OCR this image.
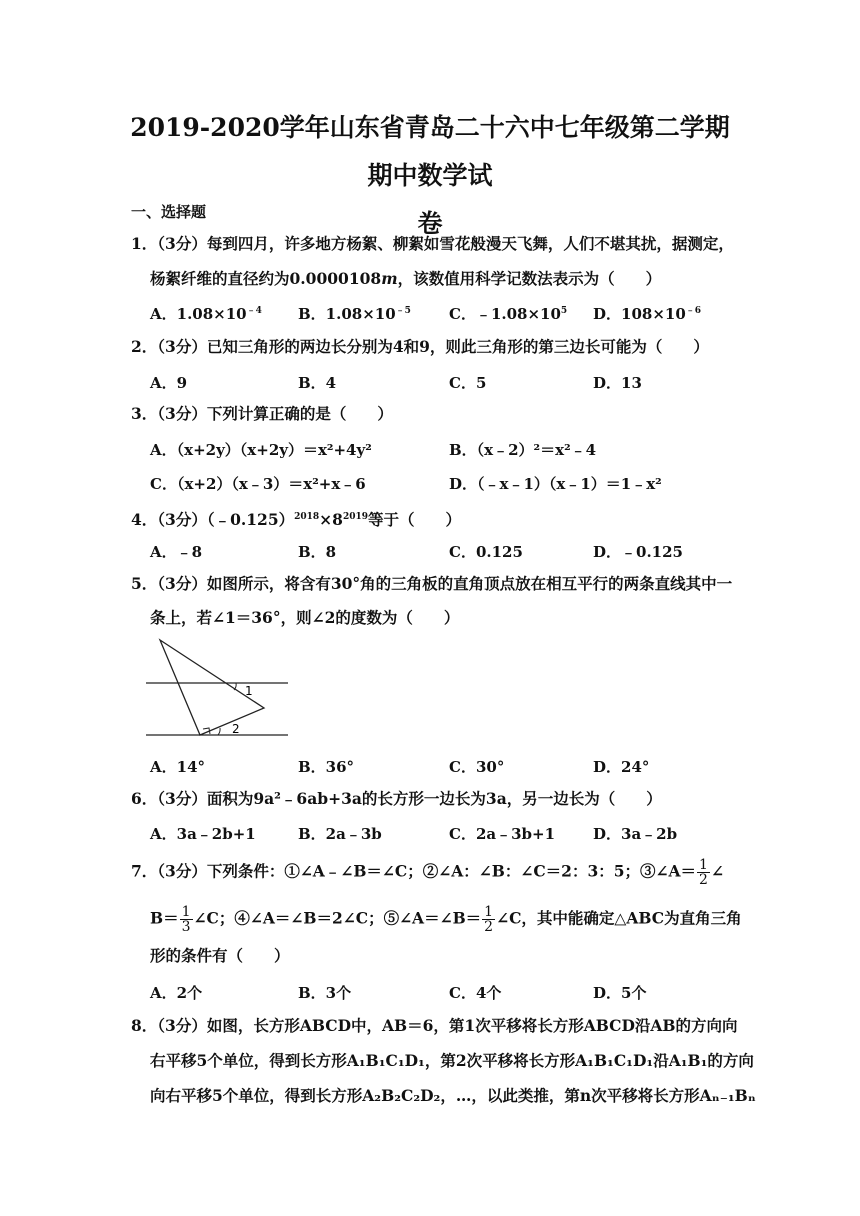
2019-2020学年山东省青岛二十六中七年级第二学期期中数学试
卷
一、选择题
1．（3分）每到四月，许多地方杨絮、柳絮如雪花般漫天飞舞，人们不堪其扰，据测定，
杨絮纤维的直径约为0.0000108m，该数值用科学记数法表示为（　　）
A．$1.08\times 10^{﹣4}$ B．$1.08\times 10^{﹣5}$	C．$﹣1.08\times 10^5$ D．$108\times 10^{﹣6}$
2．（3分）已知三角形的两边长分别为4和9，则此三角形的第三边长可能为（　　）
A．9	B．4	C．5	D．13
3．（3分）下列计算正确的是（　　）
A．（x+2y）（x+2y）＝x²+4y²	B．（x﹣2）²＝x²﹣4
C．（x+2）（x﹣3）＝x²+x﹣6	D．（﹣x﹣1）（x﹣1）＝1﹣x²
4．（3分）$(﹣0.125)^{2018}\times 8^{2019}$等于（　　）
A．﹣8	B．8	C．0.125	D．﹣0.125
5．（3分）如图所示，将含有30°角的三角板的直角顶点放在相互平行的两条直线其中一
条上，若∠1＝36°，则∠2的度数为（　　）
1
2
A．14°	B．36°	C．30°	D．24°
6．（3分）面积为9a²﹣6ab+3a的长方形一边长为3a，另一边长为（　　）
A．3a﹣2b+1	B．2a﹣3b	C．2a﹣3b+1	D．3a﹣2b
7．（3分）下列条件：①∠A﹣∠B＝∠C；②∠A：∠B：∠C＝2：3：5；③∠A＝ $\frac{1}{2}$ ∠
$B= \frac{1}{3}$ ∠C；④∠A＝∠B＝2∠C；⑤∠A＝∠B＝ $\frac{1}{2}$ ∠C，其中能确定△ABC为直角三角
形的条件有（　　）
A．2个	B．3个	C．4个	D．5个
8．（3分）如图，长方形ABCD中，AB＝6，第1次平移将长方形ABCD沿AB的方向向
右平移5个单位，得到长方形A₁B₁C₁D₁，第2次平移将长方形A₁B₁C₁D₁沿A₁B₁的方向
向右平移5个单位，得到长方形A₂B₂C₂D₂，…，以此类推，第n次平移将长方形Aₙ₋₁Bₙ
